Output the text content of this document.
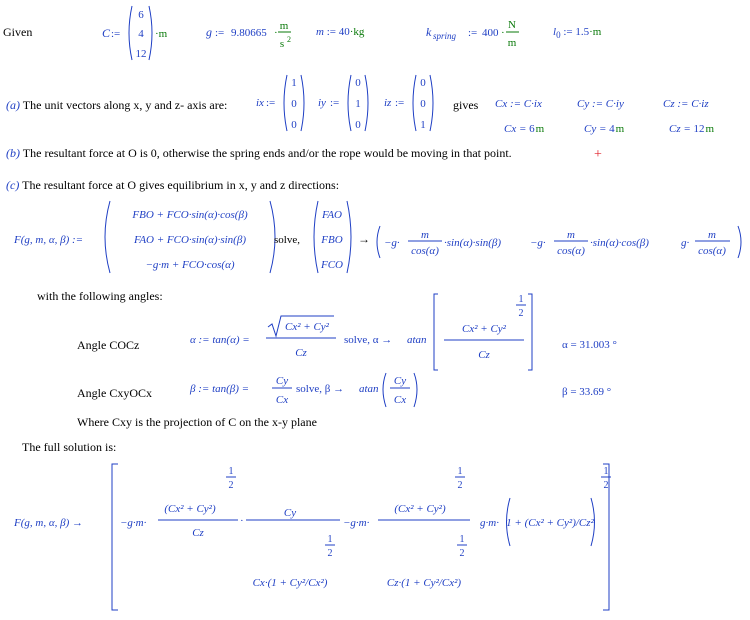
Given	C :=
6
4
12
·m	g := 9.80665 ·
m
s 2
m := 40·kg	k spring := 400 ·
N
m
$l_0$ := 1.5·m
(a) The unit vectors along x, y and z- axis are:	ix :=
1
0
0
iy :=
0
1
0
iz :=
0
0
1
gives Cx := C·ix	Cy := C·iy	Cz := C·iz
Cx = 6 m	Cy = 4 m	Cz = 12 m
(b) The resultant force at O is 0, otherwise the spring ends and/or the rope would be moving in that point.	+
(c) The resultant force at O gives equilibrium in x, y and z directions:
F(g, m, α, β) :=
FBO + FCO·sin(α)·cos(β)
FAO + FCO·sin(α)·sin(β)
−g·m + FCO·cos(α)
solve,
FAO
FBO
FCO
→ −g·
m
cos(α)
·sin(α)·sin(β)	−g·
m
cos(α)
·sin(α)·cos(β)	g·
m
cos(α)
with the following angles:
Angle COCz	α := tan(α) =
Cx² + Cy²
Cz
solve, α → atan
Cx² + Cy²
Cz
1
2
α = 31.003 °
Angle CxyOCx	β := tan(β) =
Cy
Cx
solve, β → atan
Cy
Cx
β = 33.69 °
Where Cxy is the projection of C on the x-y plane
The full solution is:
F(g, m, α, β) →	−g·m·
(Cx² + Cy²)
1
2
Cz
·
Cy
Cx·(1 + Cy²/Cx²)
1
2
−g·m·
(Cx² + Cy²)
1
2
Cz·(1 + Cy²/Cx²)
1
2
g·m· 1 + (Cx² + Cy²)/Cz²
1
2
